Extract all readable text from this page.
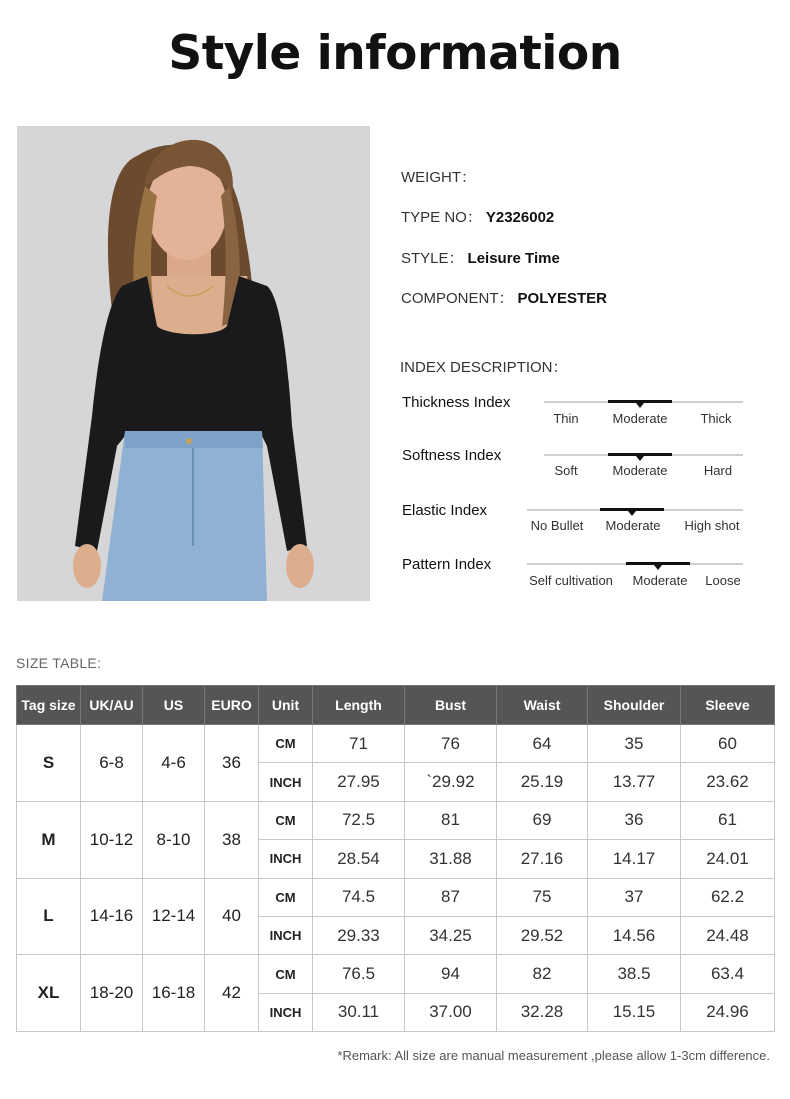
Style information
WEIGHT：
TYPE NO： Y2326002
STYLE： Leisure Time
COMPONENT： POLYESTER
INDEX DESCRIPTION：
Thickness Index
Thin	Moderate	Thick
Softness Index
Soft	Moderate	Hard
Elastic Index
No Bullet	Moderate	High shot
Pattern Index
Self cultivation	Moderate	Loose
SIZE TABLE:
Tag size	UK/AU	US	EURO	Unit	Length	Bust	Waist	Shoulder	Sleeve
S	6-8	4-6	36	CM	71	76	64	35	60
				INCH	27.95	`29.92	25.19	13.77	23.62
M	10-12	8-10	38	CM	72.5	81	69	36	61
				INCH	28.54	31.88	27.16	14.17	24.01
L	14-16	12-14	40	CM	74.5	87	75	37	62.2
				INCH	29.33	34.25	29.52	14.56	24.48
XL	18-20	16-18	42	CM	76.5	94	82	38.5	63.4
				INCH	30.11	37.00	32.28	15.15	24.96
*Remark: All size are manual measurement ,please allow 1-3cm difference.
